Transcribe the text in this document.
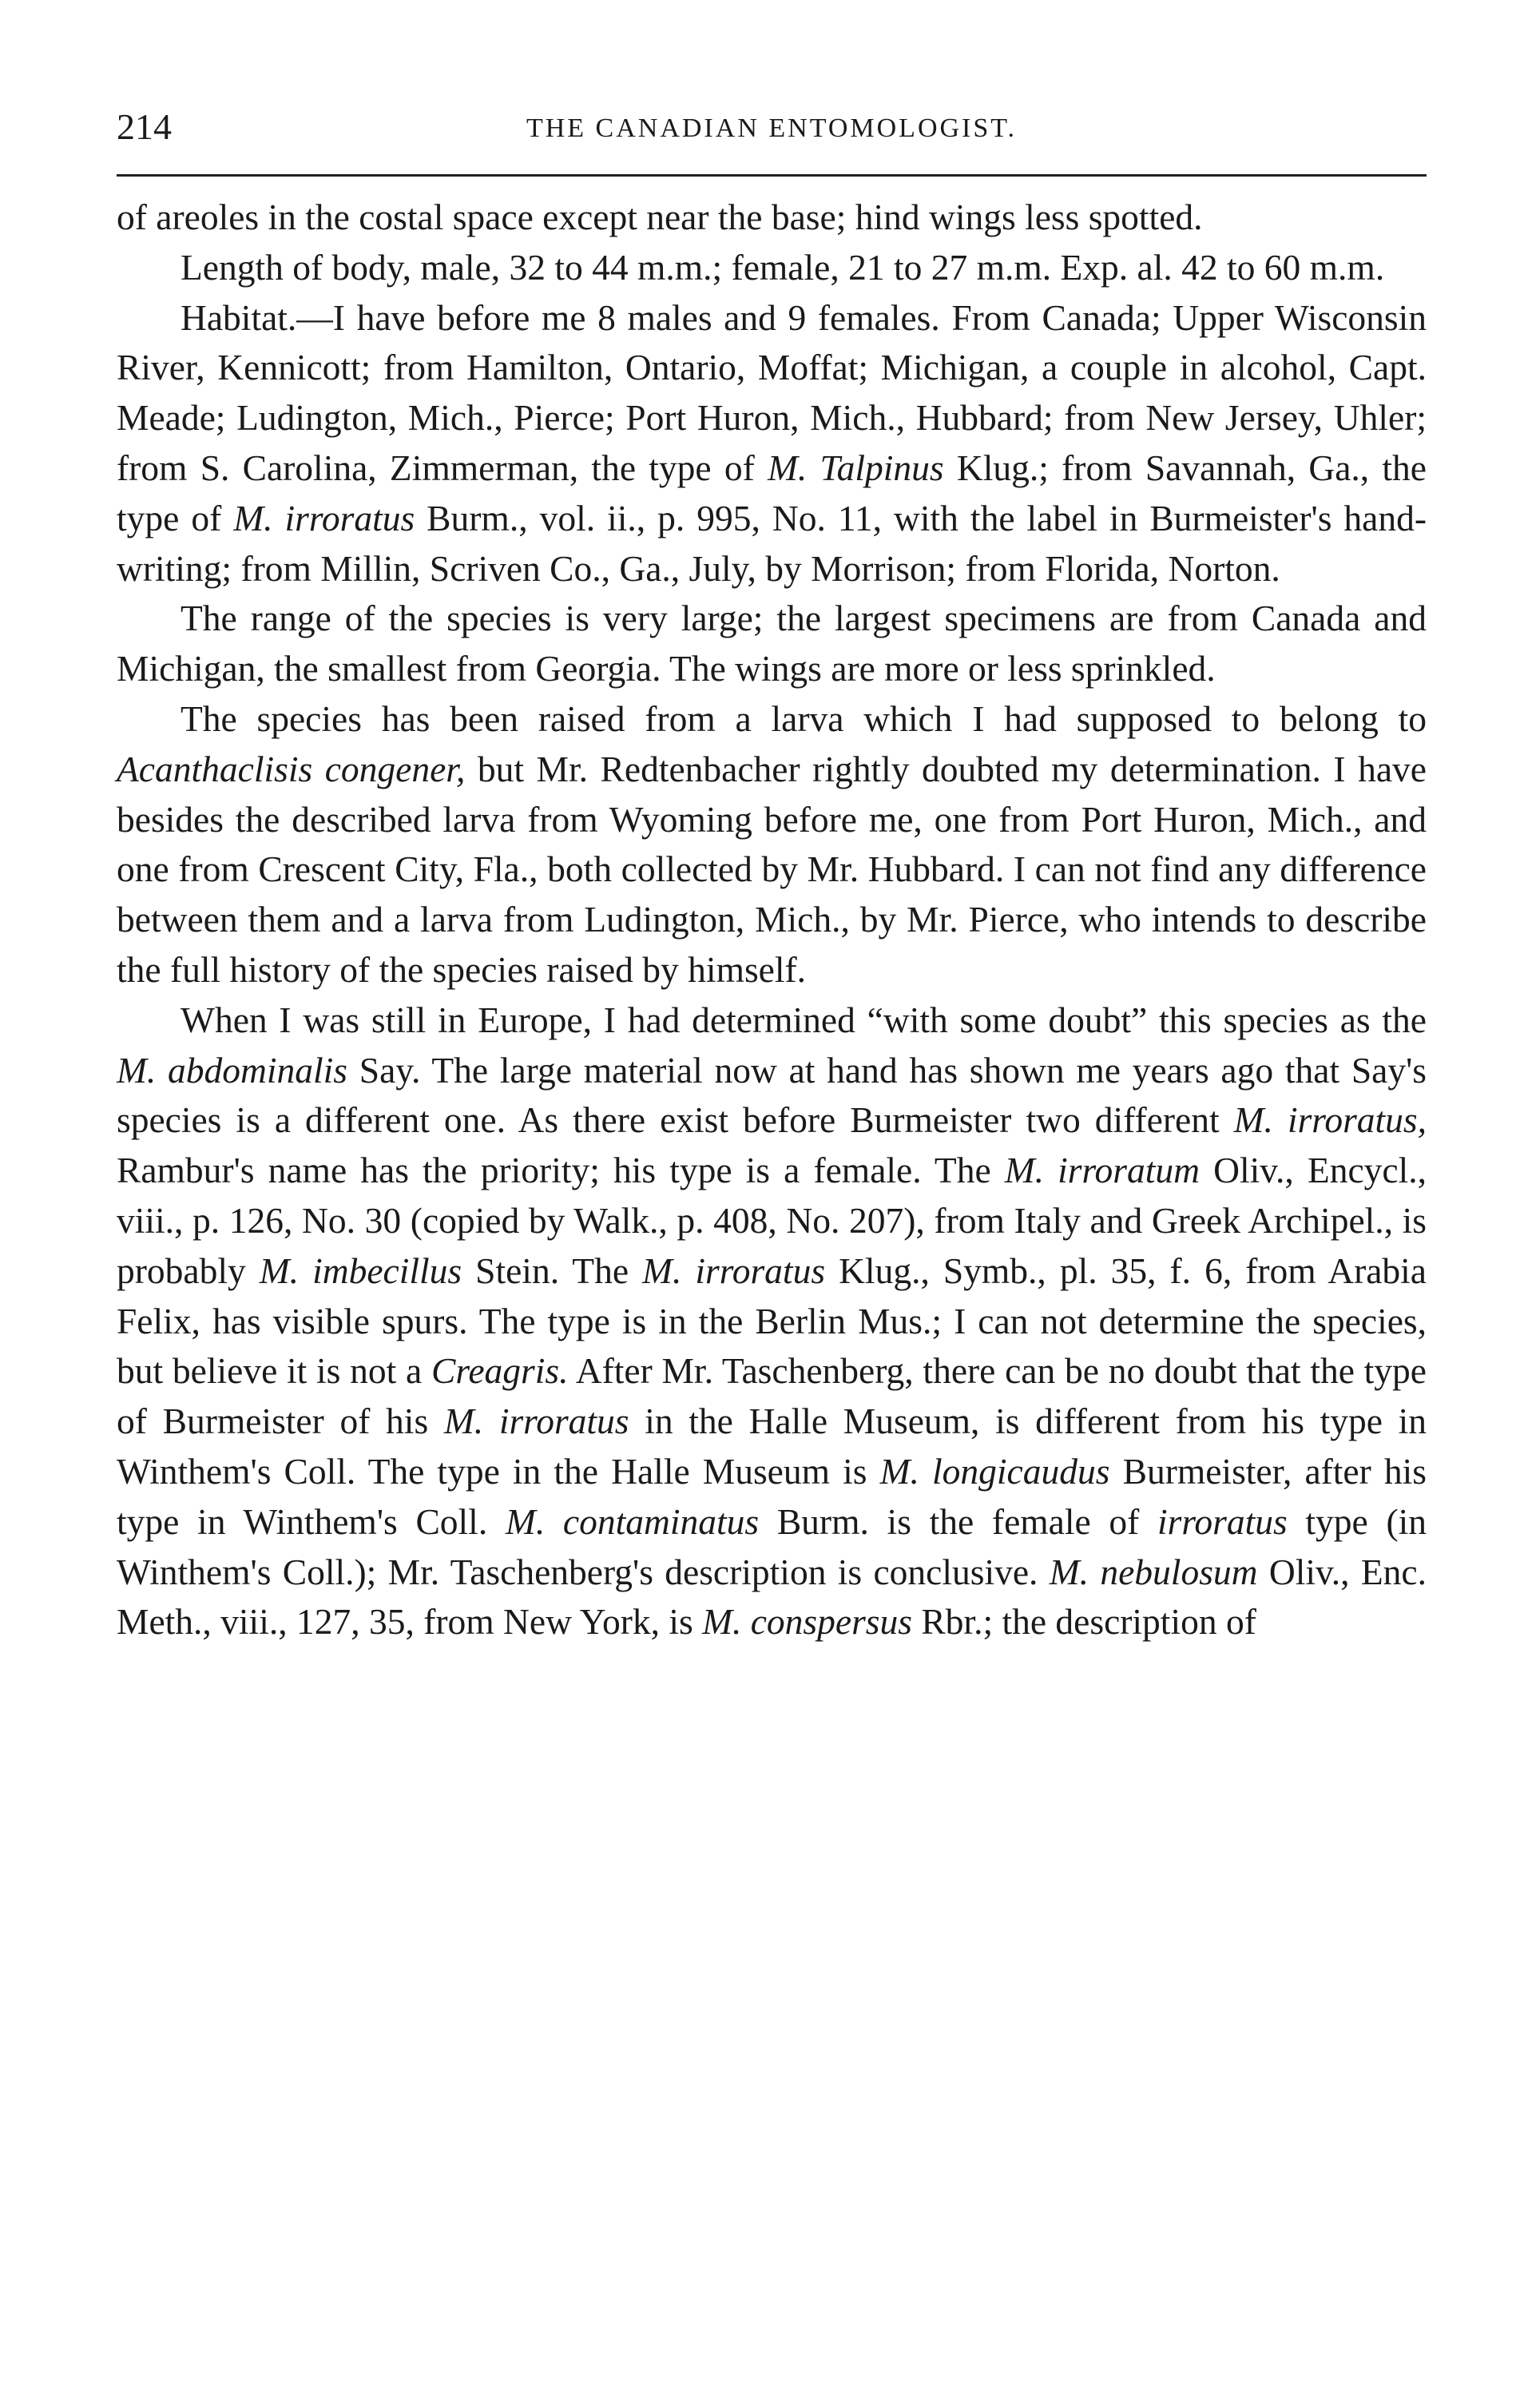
214	THE CANADIAN ENTOMOLOGIST.

of areoles in the costal space except near the base; hind wings less spotted.

Length of body, male, 32 to 44 m.m.; female, 21 to 27 m.m. Exp. al. 42 to 60 m.m.

Habitat.—I have before me 8 males and 9 females. From Canada; Upper Wisconsin River, Kennicott; from Hamilton, Ontario, Moffat; Michigan, a couple in alcohol, Capt. Meade; Ludington, Mich., Pierce; Port Huron, Mich., Hubbard; from New Jersey, Uhler; from S. Carolina, Zimmerman, the type of M. Talpinus Klug.; from Savannah, Ga., the type of M. irroratus Burm., vol. ii., p. 995, No. 11, with the label in Burmeister's hand-writing; from Millin, Scriven Co., Ga., July, by Morrison; from Florida, Norton.

The range of the species is very large; the largest specimens are from Canada and Michigan, the smallest from Georgia. The wings are more or less sprinkled.

The species has been raised from a larva which I had supposed to belong to Acanthaclisis congener, but Mr. Redtenbacher rightly doubted my determination. I have besides the described larva from Wyoming before me, one from Port Huron, Mich., and one from Crescent City, Fla., both collected by Mr. Hubbard. I can not find any difference between them and a larva from Ludington, Mich., by Mr. Pierce, who intends to describe the full history of the species raised by himself.

When I was still in Europe, I had determined “with some doubt” this species as the M. abdominalis Say. The large material now at hand has shown me years ago that Say's species is a different one. As there exist before Burmeister two different M. irroratus, Rambur's name has the priority; his type is a female. The M. irroratum Oliv., Encycl., viii., p. 126, No. 30 (copied by Walk., p. 408, No. 207), from Italy and Greek Archipel., is probably M. imbecillus Stein. The M. irroratus Klug., Symb., pl. 35, f. 6, from Arabia Felix, has visible spurs. The type is in the Berlin Mus.; I can not determine the species, but believe it is not a Creagris. After Mr. Taschenberg, there can be no doubt that the type of Burmeister of his M. irroratus in the Halle Museum, is different from his type in Winthem's Coll. The type in the Halle Museum is M. longicaudus Burmeister, after his type in Winthem's Coll. M. contaminatus Burm. is the female of irroratus type (in Winthem's Coll.); Mr. Taschenberg's description is conclusive. M. nebulosum Oliv., Enc. Meth., viii., 127, 35, from New York, is M. conspersus Rbr.; the description of
